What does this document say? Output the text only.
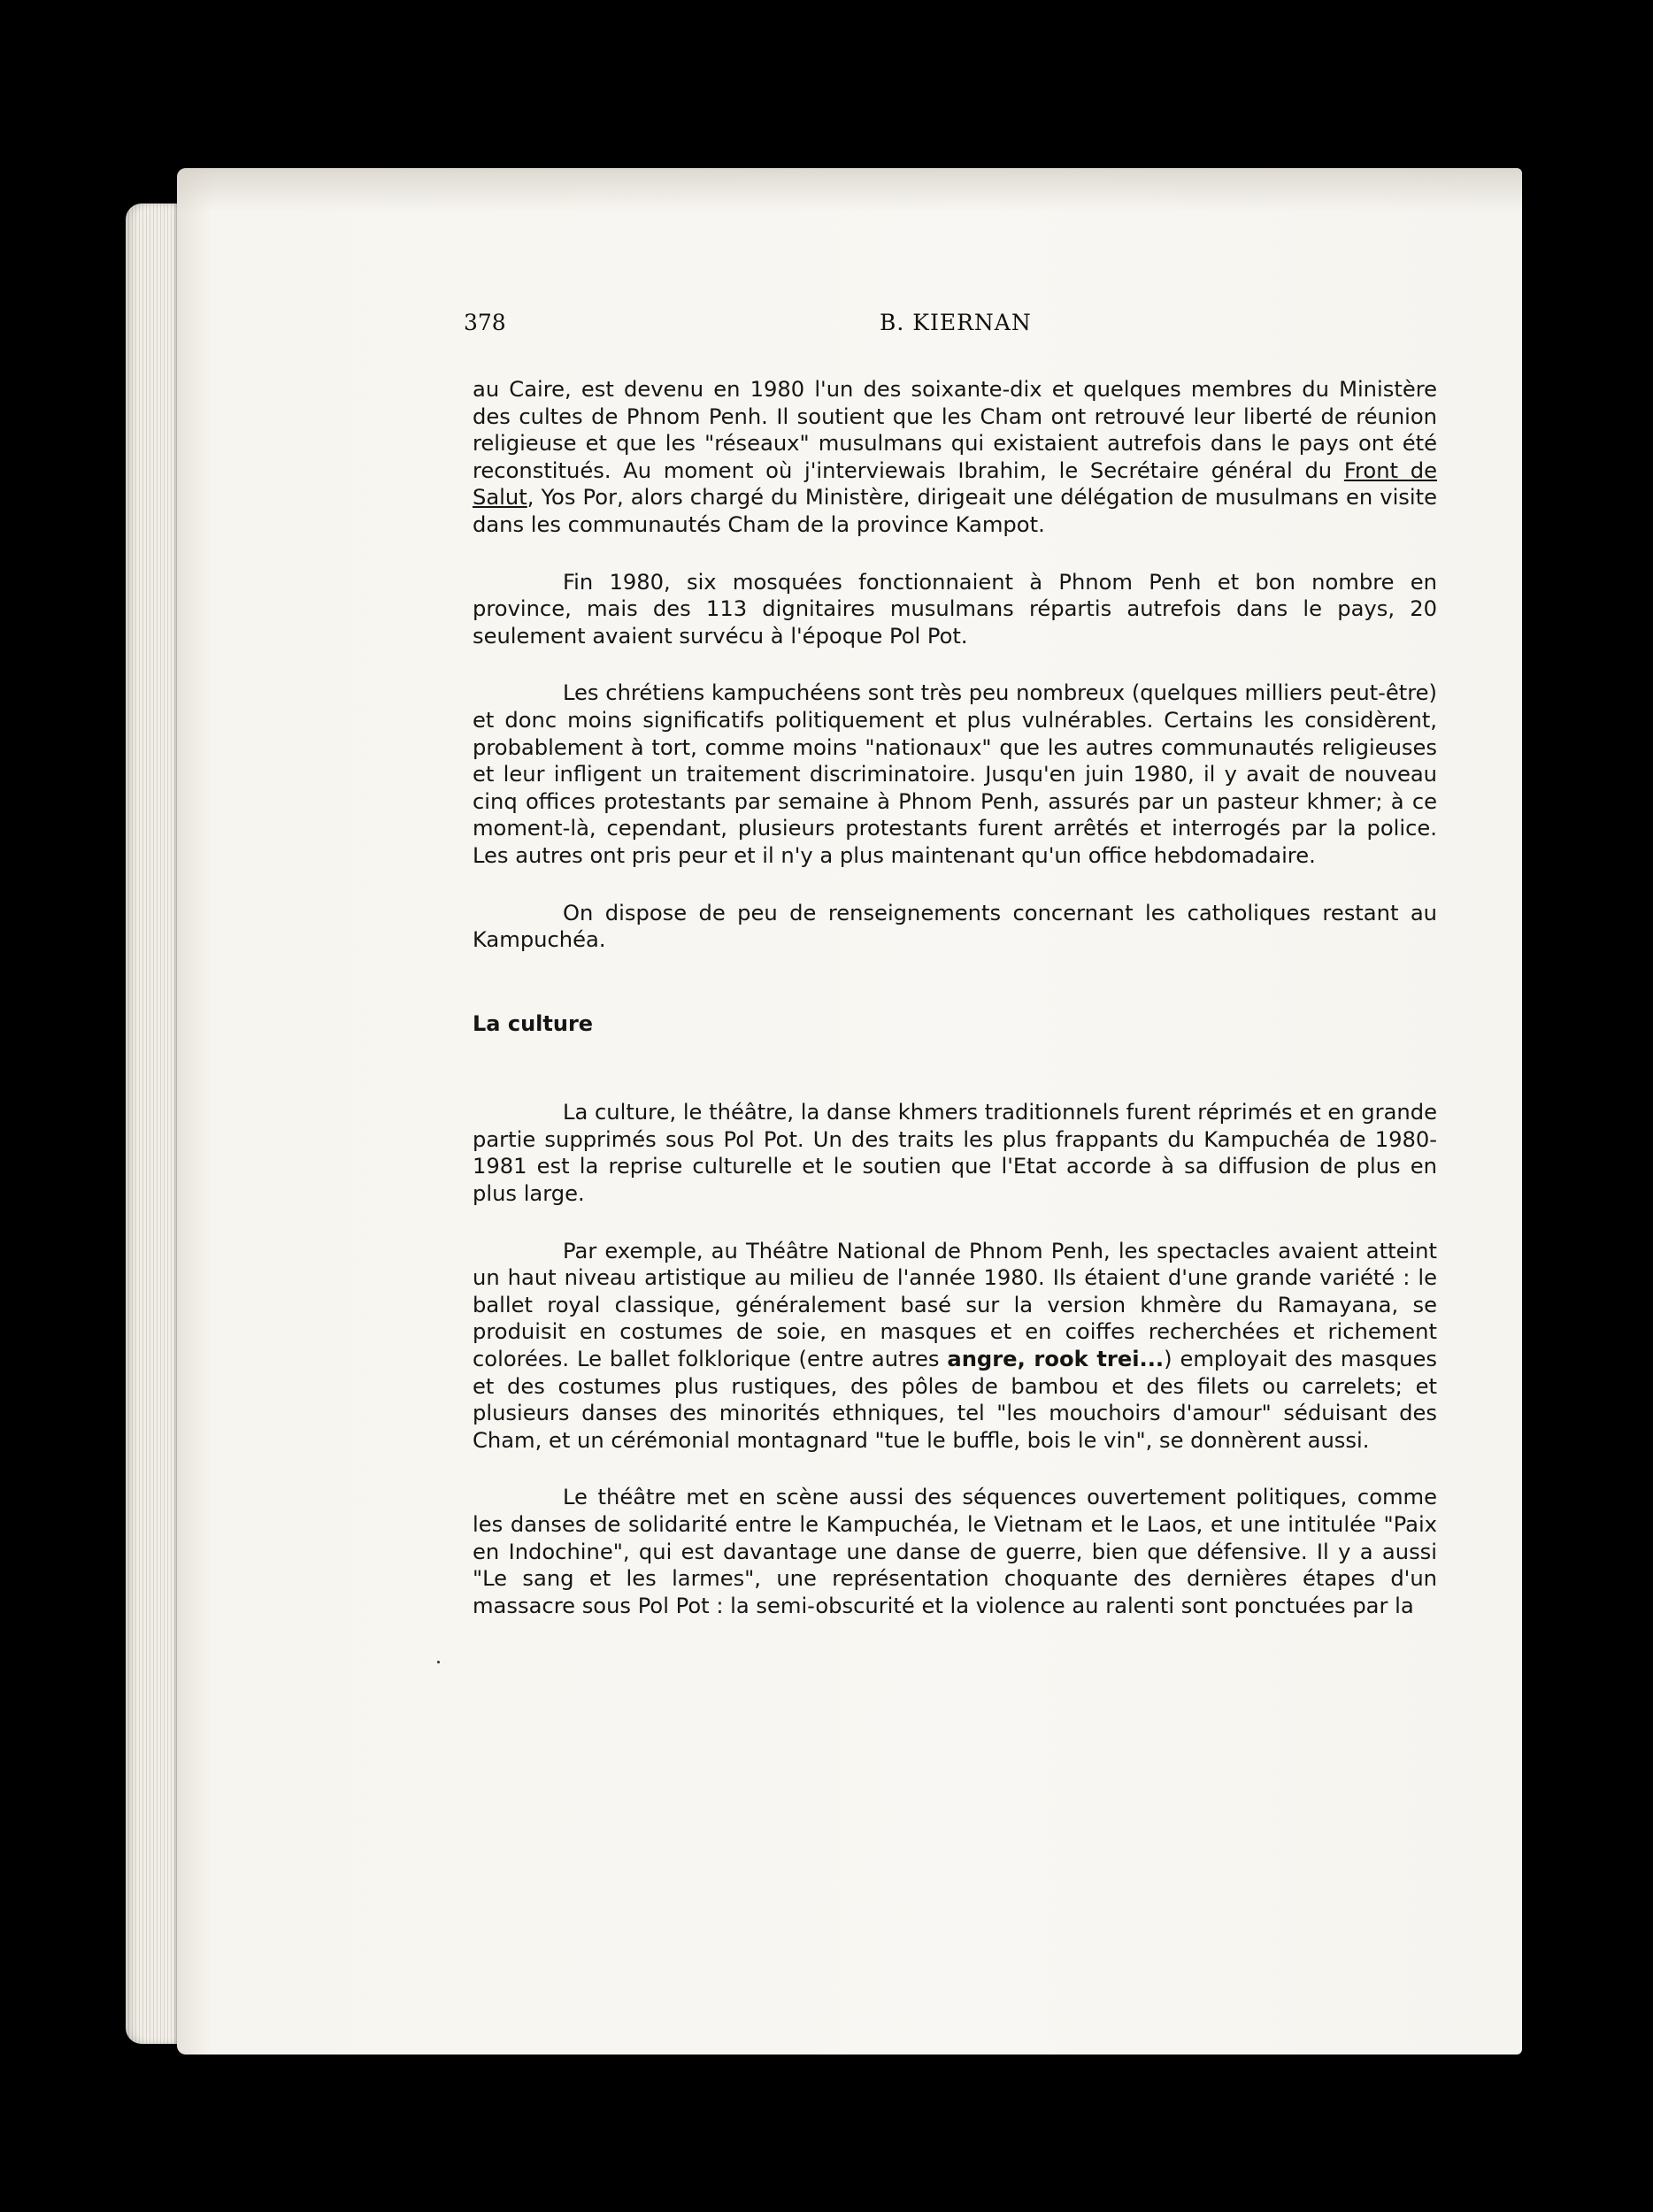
378	B. KIERNAN

au Caire, est devenu en 1980 l'un des soixante-dix et quelques membres du Ministère des cultes de Phnom Penh. Il soutient que les Cham ont retrouvé leur liberté de réunion religieuse et que les "réseaux" musulmans qui existaient autrefois dans le pays ont été reconstitués. Au moment où j'interviewais Ibrahim, le Secrétaire général du Front de Salut, Yos Por, alors chargé du Ministère, dirigeait une délégation de musulmans en visite dans les communautés Cham de la province Kampot.

Fin 1980, six mosquées fonctionnaient à Phnom Penh et bon nombre en province, mais des 113 dignitaires musulmans répartis autrefois dans le pays, 20 seulement avaient survécu à l'époque Pol Pot.

Les chrétiens kampuchéens sont très peu nombreux (quelques milliers peut-être) et donc moins significatifs politiquement et plus vulnérables. Certains les considèrent, probablement à tort, comme moins "nationaux" que les autres communautés religieuses et leur infligent un traitement discriminatoire. Jusqu'en juin 1980, il y avait de nouveau cinq offices protestants par semaine à Phnom Penh, assurés par un pasteur khmer; à ce moment-là, cependant, plusieurs protestants furent arrêtés et interrogés par la police. Les autres ont pris peur et il n'y a plus maintenant qu'un office hebdomadaire.

On dispose de peu de renseignements concernant les catholiques restant au Kampuchéa.

La culture

La culture, le théâtre, la danse khmers traditionnels furent réprimés et en grande partie supprimés sous Pol Pot. Un des traits les plus frappants du Kampuchéa de 1980-1981 est la reprise culturelle et le soutien que l'Etat accorde à sa diffusion de plus en plus large.

Par exemple, au Théâtre National de Phnom Penh, les spectacles avaient atteint un haut niveau artistique au milieu de l'année 1980. Ils étaient d'une grande variété : le ballet royal classique, généralement basé sur la version khmère du Ramayana, se produisit en costumes de soie, en masques et en coiffes recherchées et richement colorées. Le ballet folklorique (entre autres angre, rook trei...) employait des masques et des costumes plus rustiques, des pôles de bambou et des filets ou carrelets; et plusieurs danses des minorités ethniques, tel "les mouchoirs d'amour" séduisant des Cham, et un cérémonial montagnard "tue le buffle, bois le vin", se donnèrent aussi.

Le théâtre met en scène aussi des séquences ouvertement politiques, comme les danses de solidarité entre le Kampuchéa, le Vietnam et le Laos, et une intitulée "Paix en Indochine", qui est davantage une danse de guerre, bien que défensive. Il y a aussi "Le sang et les larmes", une représentation choquante des dernières étapes d'un massacre sous Pol Pot : la semi-obscurité et la violence au ralenti sont ponctuées par la
